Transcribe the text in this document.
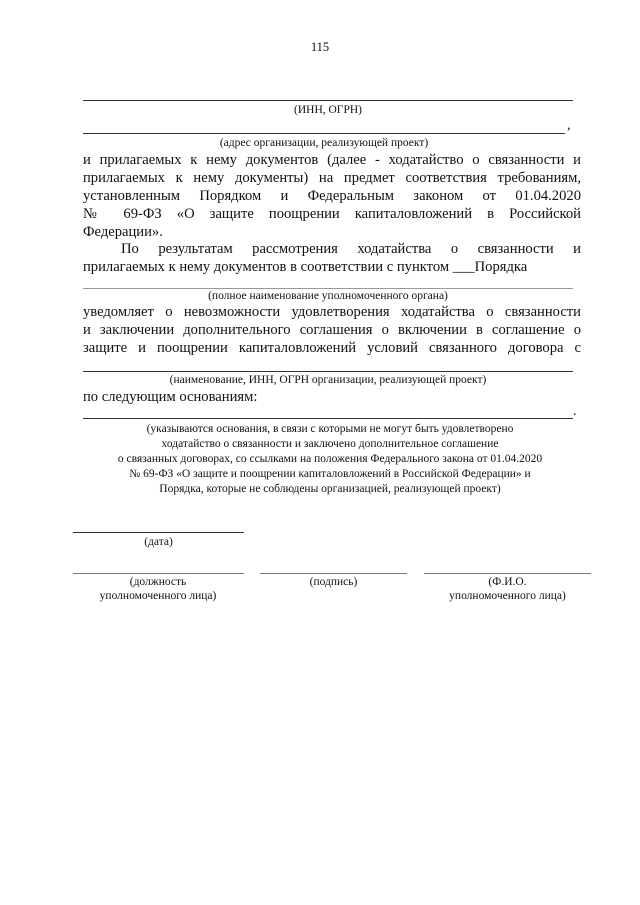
115
(ИНН, ОГРН)
,
(адрес организации, реализующей проект)
и прилагаемых к нему документов (далее - ходатайство о связанности и
прилагаемых к нему документы) на предмет соответствия требованиям,
установленным Порядком и Федеральным законом от 01.04.2020
№ 69-ФЗ «О защите поощрении капиталовложений в Российской
Федерации».
По результатам рассмотрения ходатайства о связанности и
прилагаемых к нему документов в соответствии с пунктом ___Порядка
(полное наименование уполномоченного органа)
уведомляет о невозможности удовлетворения ходатайства о связанности
и заключении дополнительного соглашения о включении в соглашение о
защите и поощрении капиталовложений условий связанного договора с
(наименование, ИНН, ОГРН организации, реализующей проект)
по следующим основаниям:
.
(указываются основания, в связи с которыми не могут быть удовлетворено
ходатайство о связанности и заключено дополнительное соглашение
о связанных договорах, со ссылками на положения Федерального закона от 01.04.2020
№ 69-ФЗ «О защите и поощрении капиталовложений в Российской Федерации» и
Порядка, которые не соблюдены организацией, реализующей проект)
(дата)
(должность
уполномоченного лица)
(подпись)	(Ф.И.О.
уполномоченного лица)
